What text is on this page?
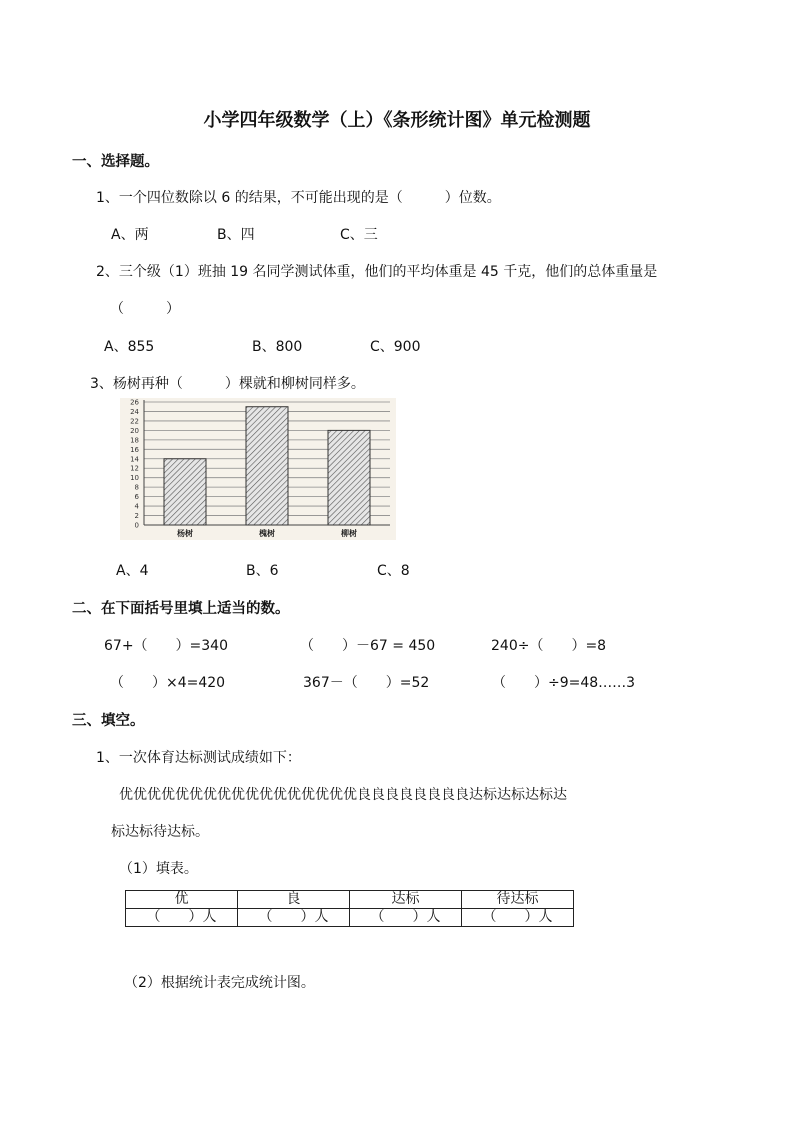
小学四年级数学（上）《条形统计图》单元检测题
一、选择题。
1、一个四位数除以 6 的结果，不可能出现的是（　　　）位数。
A、两	B、四	C、三
2、三个级（1）班抽 19 名同学测试体重，他们的平均体重是 45 千克，他们的总体重量是
（　　　）
A、855	B、800	C、900
3、杨树再种（　　　）棵就和柳树同样多。
0
2
4
6
8
10
12
14
16
18
20
22
24
26
杨树	槐树	柳树
A、4	B、6	C、8
二、在下面括号里填上适当的数。
67+（　　）=340	（　　）－67 = 450	240÷（　　）=8
（　　）×4=420	367－（　　）=52	（　　）÷9=48……3
三、填空。
1、一次体育达标测试成绩如下：
优优优优优优优优优优优优优优优优优良良良良良良良良达标达标达标达
标达标待达标。
（1）填表。
优	良	达标	待达标
（　　）人	（　　）人	（　　）人	（　　）人
（2）根据统计表完成统计图。
